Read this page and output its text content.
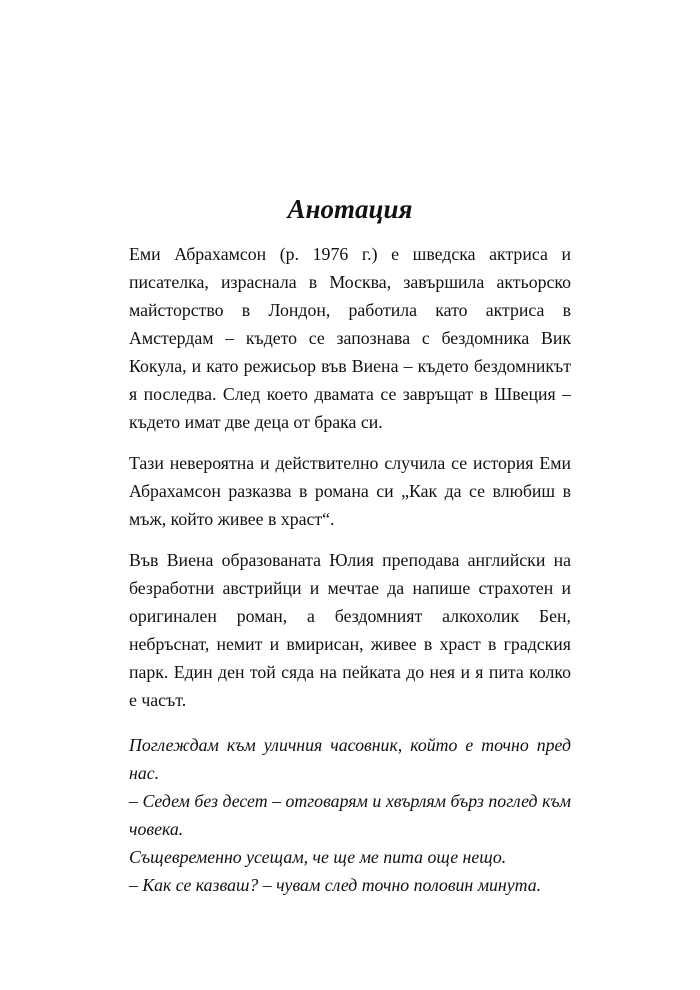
Анотация

Еми Абрахамсон (р. 1976 г.) е шведска актриса и писателка, израснала в Москва, завършила актьорско майсторство в Лондон, работила като актриса в Амстердам – където се запознава с бездомника Вик Кокула, и като режисьор във Виена – където бездомникът я последва. След което двамата се завръщат в Швеция – където имат две деца от брака си.

Тази невероятна и действително случила се история Еми Абрахамсон разказва в романа си „Как да се влюбиш в мъж, който живее в храст“.

Във Виена образованата Юлия преподава английски на безработни австрийци и мечтае да напише страхотен и оригинален роман, а бездомният алкохолик Бен, небръснат, немит и вмирисан, живее в храст в градския парк. Един ден той сяда на пейката до нея и я пита колко е часът.

Поглеждам към уличния часовник, който е точно пред нас.
– Седем без десет – отговарям и хвърлям бърз поглед към човека.
Същевременно усещам, че ще ме пита още нещо.
– Как се казваш? – чувам след точно половин минута.
